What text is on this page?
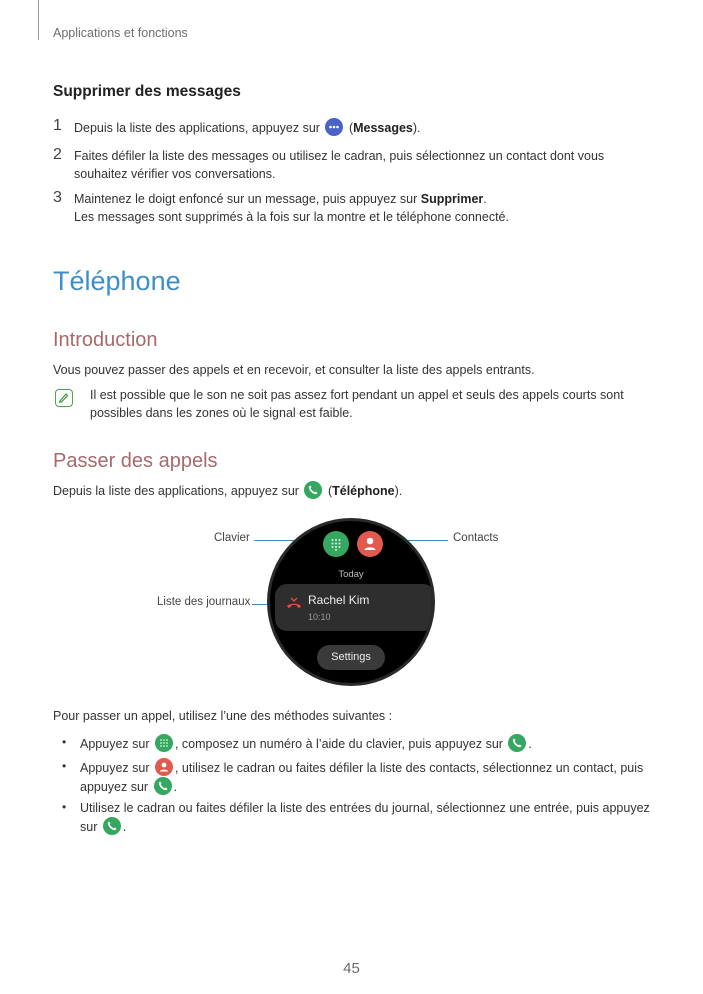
Applications et fonctions
Supprimer des messages
1 Depuis la liste des applications, appuyez sur  (Messages).
2 Faites défiler la liste des messages ou utilisez le cadran, puis sélectionnez un contact dont vous
souhaitez vérifier vos conversations.
3 Maintenez le doigt enfoncé sur un message, puis appuyez sur Supprimer.
Les messages sont supprimés à la fois sur la montre et le téléphone connecté.
Téléphone
Introduction
Vous pouvez passer des appels et en recevoir, et consulter la liste des appels entrants.
Il est possible que le son ne soit pas assez fort pendant un appel et seuls des appels courts sont
possibles dans les zones où le signal est faible.
Passer des appels
Depuis la liste des applications, appuyez sur  (Téléphone).
Clavier	Contacts
Liste des journaux
Today
Rachel Kim
10:10
Settings
Pour passer un appel, utilisez l’une des méthodes suivantes :
• Appuyez sur , composez un numéro à l’aide du clavier, puis appuyez sur .
• Appuyez sur , utilisez le cadran ou faites défiler la liste des contacts, sélectionnez un contact, puis
appuyez sur .
• Utilisez le cadran ou faites défiler la liste des entrées du journal, sélectionnez une entrée, puis appuyez
sur .
45
